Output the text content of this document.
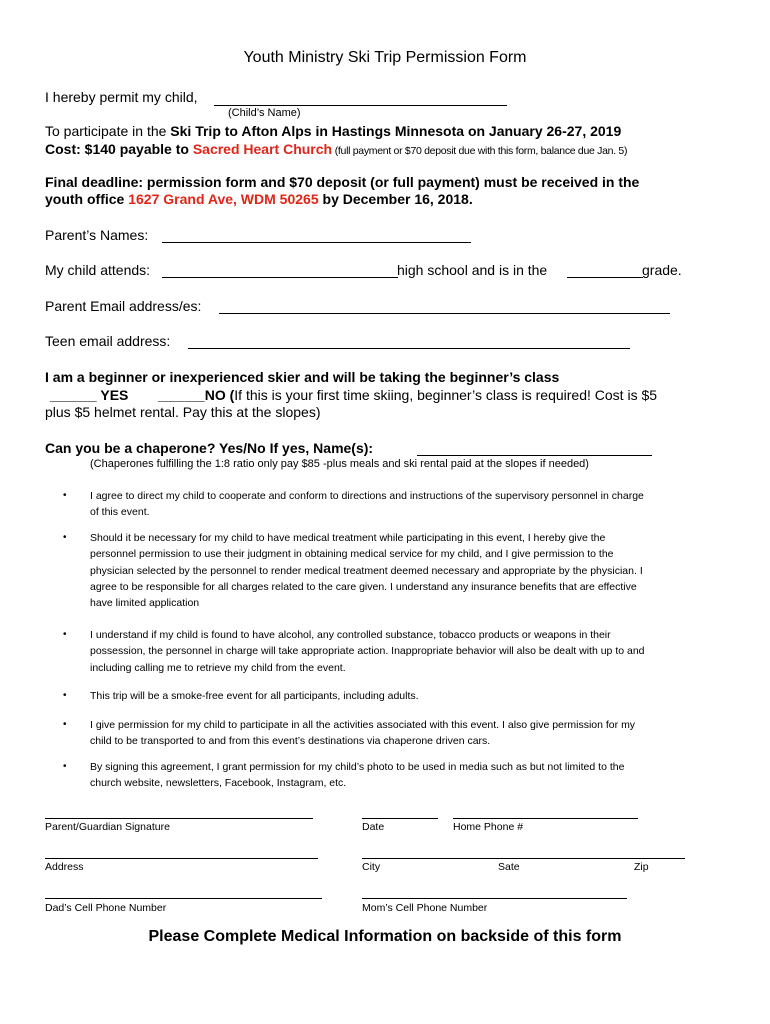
Youth Ministry Ski Trip Permission Form
I hereby permit my child,
(Child’s Name)
To participate in the Ski Trip to Afton Alps in Hastings Minnesota on January 26-27, 2019
Cost: $140 payable to Sacred Heart Church (full payment or $70 deposit due with this form, balance due Jan. 5)
Final deadline: permission form and $70 deposit (or full payment) must be received in the
youth office 1627 Grand Ave, WDM 50265 by December 16, 2018.
Parent’s Names:
My child attends:	high school and is in the	grade.
Parent Email address/es:
Teen email address:
I am a beginner or inexperienced skier and will be taking the beginner’s class
______ YES ______NO (If this is your first time skiing, beginner’s class is required! Cost is $5
plus $5 helmet rental. Pay this at the slopes)
Can you be a chaperone? Yes/No If yes, Name(s):
(Chaperones fulfilling the 1:8 ratio only pay $85 -plus meals and ski rental paid at the slopes if needed)
• I agree to direct my child to cooperate and conform to directions and instructions of the supervisory personnel in charge
of this event.
• Should it be necessary for my child to have medical treatment while participating in this event, I hereby give the
personnel permission to use their judgment in obtaining medical service for my child, and I give permission to the
physician selected by the personnel to render medical treatment deemed necessary and appropriate by the physician. I
agree to be responsible for all charges related to the care given. I understand any insurance benefits that are effective
have limited application
• I understand if my child is found to have alcohol, any controlled substance, tobacco products or weapons in their
possession, the personnel in charge will take appropriate action. Inappropriate behavior will also be dealt with up to and
including calling me to retrieve my child from the event.
• This trip will be a smoke-free event for all participants, including adults.
• I give permission for my child to participate in all the activities associated with this event. I also give permission for my
child to be transported to and from this event’s destinations via chaperone driven cars.
• By signing this agreement, I grant permission for my child’s photo to be used in media such as but not limited to the
church website, newsletters, Facebook, Instagram, etc.
Parent/Guardian Signature	Date	Home Phone #
Address	City	Sate	Zip
Dad’s Cell Phone Number	Mom’s Cell Phone Number
Please Complete Medical Information on backside of this form
